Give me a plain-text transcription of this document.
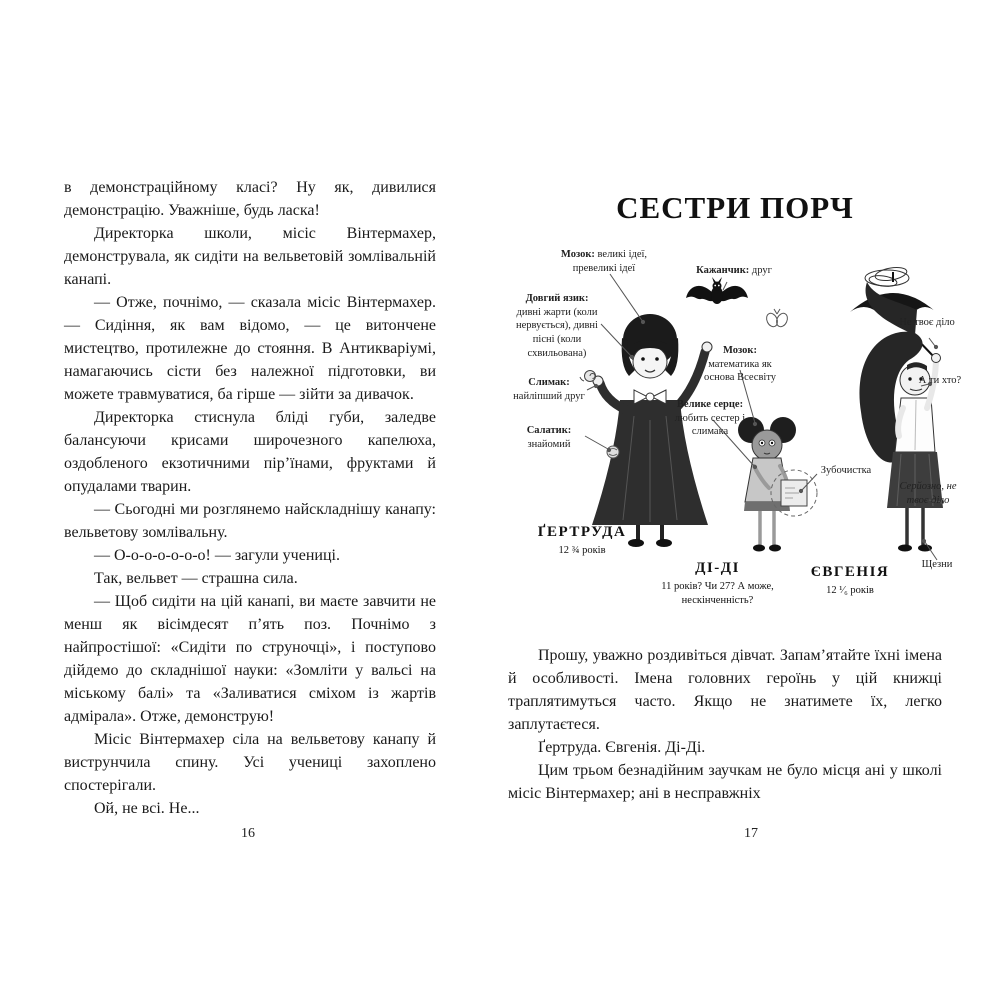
в демонстраційному класі? Ну як, дивилися демонстрацію. Уважніше, будь ласка!

Директорка школи, місіс Вінтермахер, демонструвала, як сидіти на вельветовій зомлівальній канапі.

— Отже, почнімо, — сказала місіс Вінтермахер. — Сидіння, як вам відомо, — це витончене мистецтво, протилежне до стояння. В Антикваріумі, намагаючись сісти без належної підготовки, ви можете травмуватися, ба гірше — зійти за дивачок.

Директорка стиснула бліді губи, заледве балансуючи крисами широчезного капелюха, оздобленого екзотичними пір’їнами, фруктами й опудалами тварин.

— Сьогодні ми розглянемо найскладнішу канапу: вельветову зомлівальну.

— О-о-о-о-о-о-о! — загули учениці.

Так, вельвет — страшна сила.

— Щоб сидіти на цій канапі, ви маєте завчити не менш як вісімдесят п’ять поз. Почнімо з найпростішої: «Сидіти по струночці», і поступово дійдемо до складнішої науки: «Зомліти у вальсі на міському балі» та «Заливатися сміхом із жартів адмірала». Отже, демонструю!

Місіс Вінтермахер сіла на вельветову канапу й виструнчила спину. Усі учениці захоплено спостерігали.

Ой, не всі. Не...

16
СЕСТРИ ПОРЧ
Мозок: великі ідеї, превеликі ідеї	Кажанчик: друг
Довгий язик: дивні жарти (коли нервується), дивні пісні (коли схвильована)
Слимак: найліпший друг
Салатик: знайомий
Мозок: математика як основа Всесвіту
Велике серце: любить сестер і слимака
Зубочистка
Не твоє діло
А ти хто?
Серйозно, не твоє діло
Щезни
ҐЕРТРУДА
12 ¾ років
ДІ-ДІ
11 років? Чи 27? А може, нескінченність?
ЄВГЕНІЯ
12 ¹⁄₆ років

Прошу, уважно роздивіться дівчат. Запам’ятайте їхні імена й особливості. Імена головних героїнь у цій книжці траплятимуться часто. Якщо не знатимете їх, легко заплутаєтеся.

Ґертруда. Євгенія. Ді-Ді.

Цим трьом безнадійним заучкам не було місця ані у школі місіс Вінтермахер; ані в несправжніх

17
